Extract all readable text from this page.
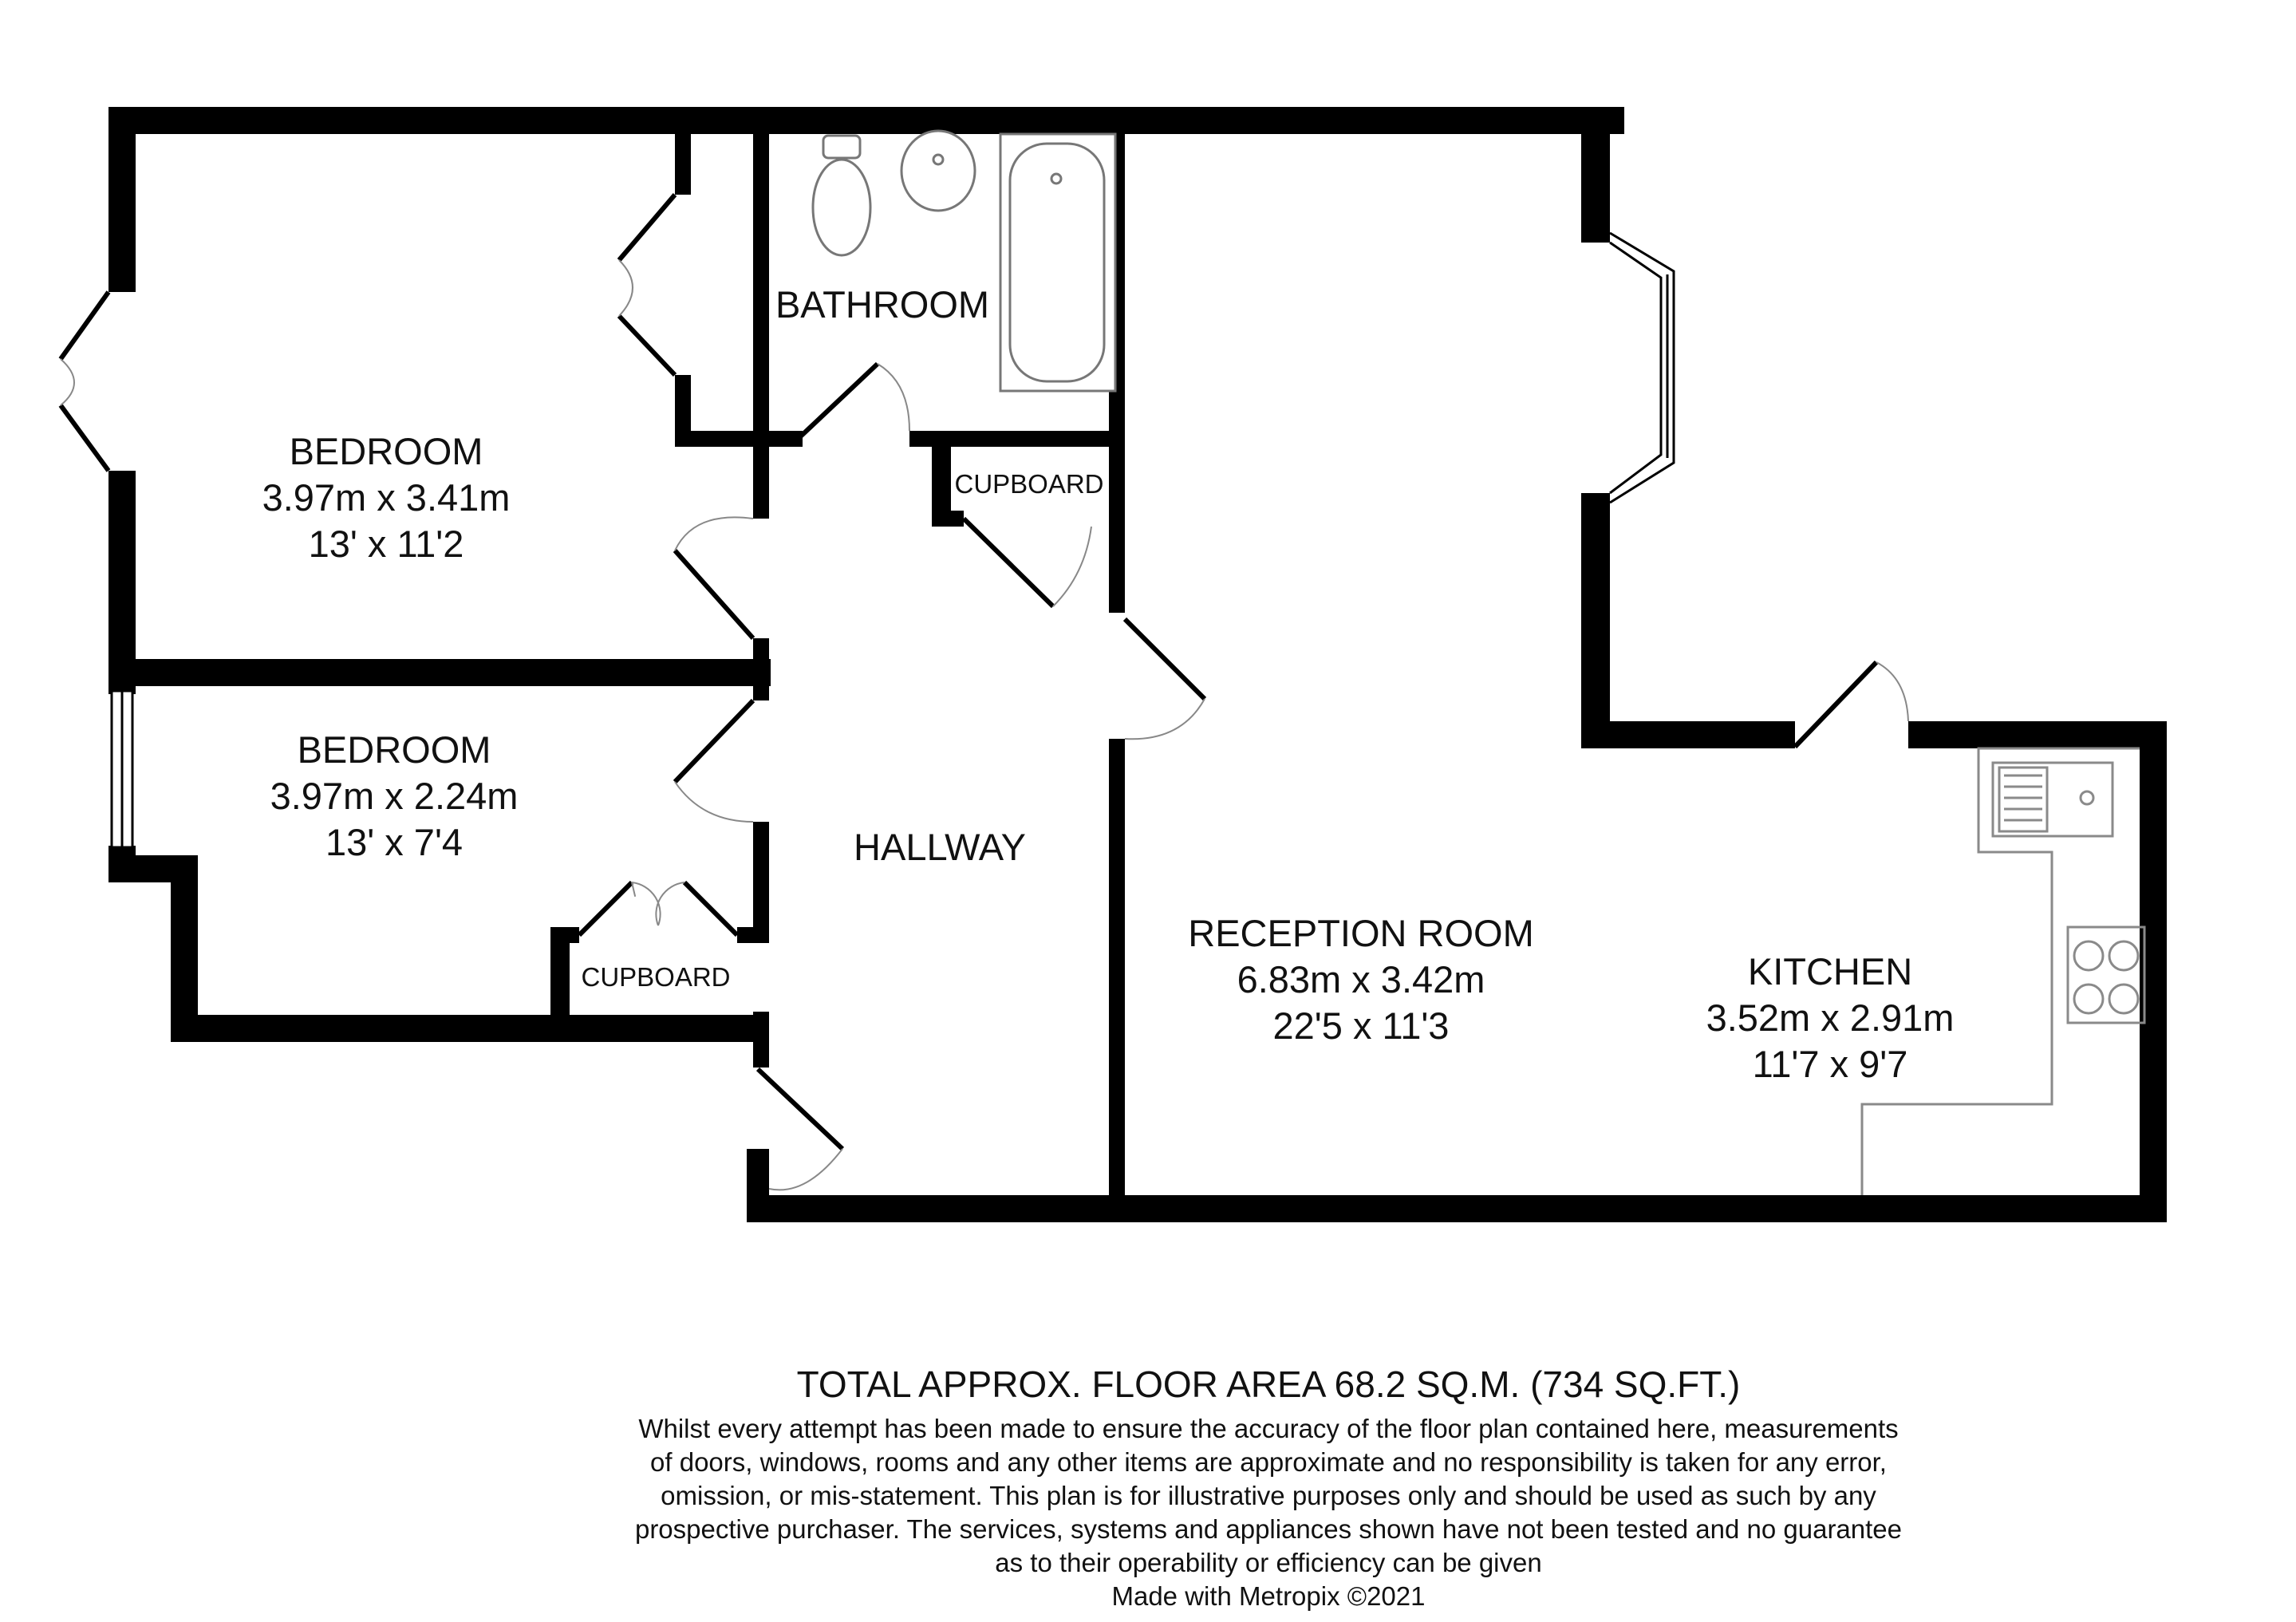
BEDROOM
3.97m x 3.41m
13' x 11'2
BEDROOM
3.97m x 2.24m
13' x 7'4
BATHROOM
CUPBOARD
CUPBOARD
HALLWAY
RECEPTION ROOM
6.83m x 3.42m
22'5 x 11'3
KITCHEN
3.52m x 2.91m
11'7 x 9'7
TOTAL APPROX. FLOOR AREA 68.2 SQ.M. (734 SQ.FT.)
Whilst every attempt has been made to ensure the accuracy of the floor plan contained here, measurements
of doors, windows, rooms and any other items are approximate and no responsibility is taken for any error,
omission, or mis-statement. This plan is for illustrative purposes only and should be used as such by any
prospective purchaser. The services, systems and appliances shown have not been tested and no guarantee
as to their operability or efficiency can be given
Made with Metropix ©2021
